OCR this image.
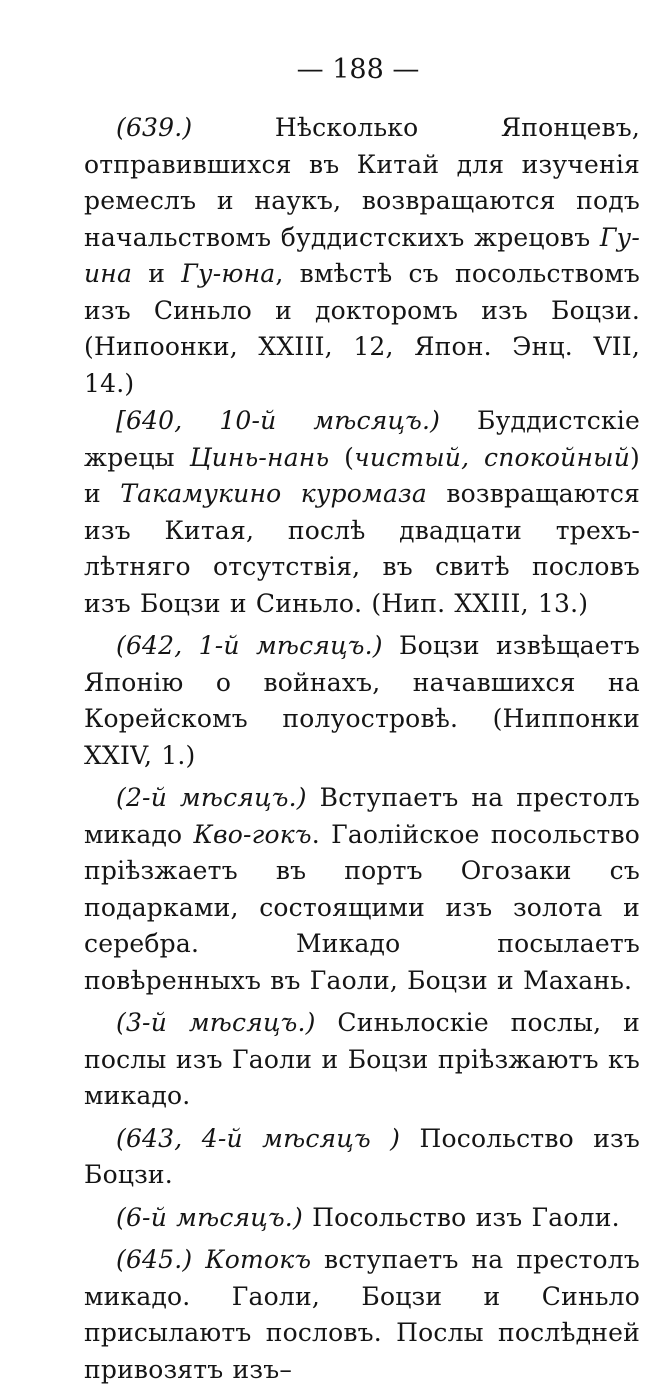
— 188 —

(639.) Нѣсколько Японцевъ, отправившихся въ Китай для изученія ремеслъ и наукъ, возвращаются подъ начальствомъ буддистскихъ жрецовъ Гу-ина и Гу-юна, вмѣстѣ съ посольствомъ изъ Синьло и докторомъ изъ Боцзи. (Нипоонки, XXIII, 12, Япон. Энц. VII, 14.)

[640, 10-й мѣсяцъ.) Буддистскіе жрецы Цинь-нань (чистый, спокойный) и Такамукино куромаза возвращаются изъ Китая, послѣ двадцати трехъ-лѣтняго отсутствія, въ свитѣ пословъ изъ Боцзи и Синьло. (Нип. XXIII, 13.)

(642, 1-й мѣсяцъ.) Боцзи извѣщаетъ Японію о войнахъ, начавшихся на Корейскомъ полуостровѣ. (Ниппонки XXIV, 1.)

(2-й мѣсяцъ.) Вступаетъ на престолъ микадо Кво-гокъ. Гаолійское посольство пріѣзжаетъ въ портъ Огозаки съ подарками, состоящими изъ золота и серебра. Микадо посылаетъ повѣренныхъ въ Гаоли, Боцзи и Махань.

(3-й мѣсяцъ.) Синьлоскіе послы, и послы изъ Гаоли и Боцзи пріѣзжаютъ къ микадо.

(643, 4-й мѣсяцъ ) Посольство изъ Боцзи.

(6-й мѣсяцъ.) Посольство изъ Гаоли.

(645.) Котокъ вступаетъ на престолъ микадо. Гаоли, Боцзи и Синьло присылаютъ пословъ. Послы послѣдней привозятъ изъ–
